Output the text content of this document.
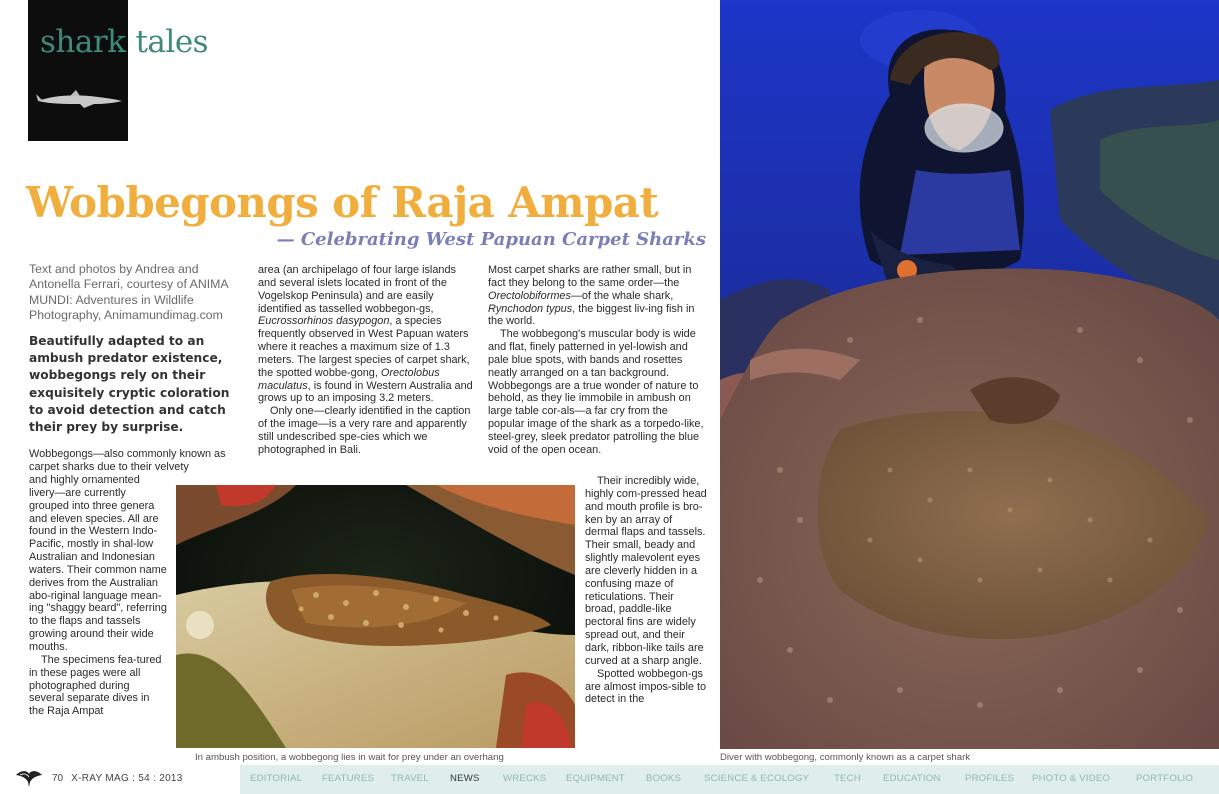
shark tales
Wobbegongs of Raja Ampat
— Celebrating West Papuan Carpet Sharks
Text and photos by Andrea and Antonella Ferrari, courtesy of ANIMA MUNDI: Adventures in Wildlife Photography, Animamundimag.com
Beautifully adapted to an ambush predator existence, wobbegongs rely on their exquisitely cryptic coloration to avoid detection and catch their prey by surprise.

Wobbegongs—also commonly known as carpet sharks due to their velvety

and highly ornamented livery—are currently grouped into three genera and eleven species. All are found in the Western Indo-Pacific, mostly in shal-low Australian and Indonesian waters. Their common name derives from the Australian abo-riginal language mean-ing "shaggy beard", referring to the flaps and tassels growing around their wide mouths.

The specimens fea-tured in these pages were all photographed during several separate dives in the Raja Ampat

area (an archipelago of four large islands and several islets located in front of the Vogelskop Peninsula) and are easily identified as tasselled wobbegon-gs, Eucrossorhinos dasypogon, a species frequently observed in West Papuan waters where it reaches a maximum size of 1.3 meters. The largest species of carpet shark, the spotted wobbe-gong, Orectolobus maculatus, is found in Western Australia and grows up to an imposing 3.2 meters.

Only one—clearly identified in the caption of the image—is a very rare and apparently still undescribed spe-cies which we photographed in Bali.

Most carpet sharks are rather small, but in fact they belong to the same order—the Orectolobiformes—of the whale shark, Rynchodon typus, the biggest liv-ing fish in the world.

The wobbegong's muscular body is wide and flat, finely patterned in yel-lowish and pale blue spots, with bands and rosettes neatly arranged on a tan background. Wobbegongs are a true wonder of nature to behold, as they lie immobile in ambush on large table cor-als—a far cry from the popular image of the shark as a torpedo-like, steel-grey, sleek predator patrolling the blue void of the open ocean.

Their incredibly wide, highly com-pressed head and mouth profile is bro-ken by an array of dermal flaps and tassels. Their small, beady and slightly malevolent eyes are cleverly hidden in a confusing maze of reticulations. Their broad, paddle-like pectoral fins are widely spread out, and their dark, ribbon-like tails are curved at a sharp angle.

Spotted wobbegon-gs are almost impos-sible to detect in the

In ambush position, a wobbegong lies in wait for prey under an overhang	Diver with wobbegong, commonly known as a carpet shark
70 X-RAY MAG : 54 : 2013	EDITORIAL FEATURES TRAVEL NEWS WRECKS EQUIPMENT BOOKS SCIENCE & ECOLOGY	TECH EDUCATION	PROFILES PHOTO & VIDEO	PORTFOLIO
